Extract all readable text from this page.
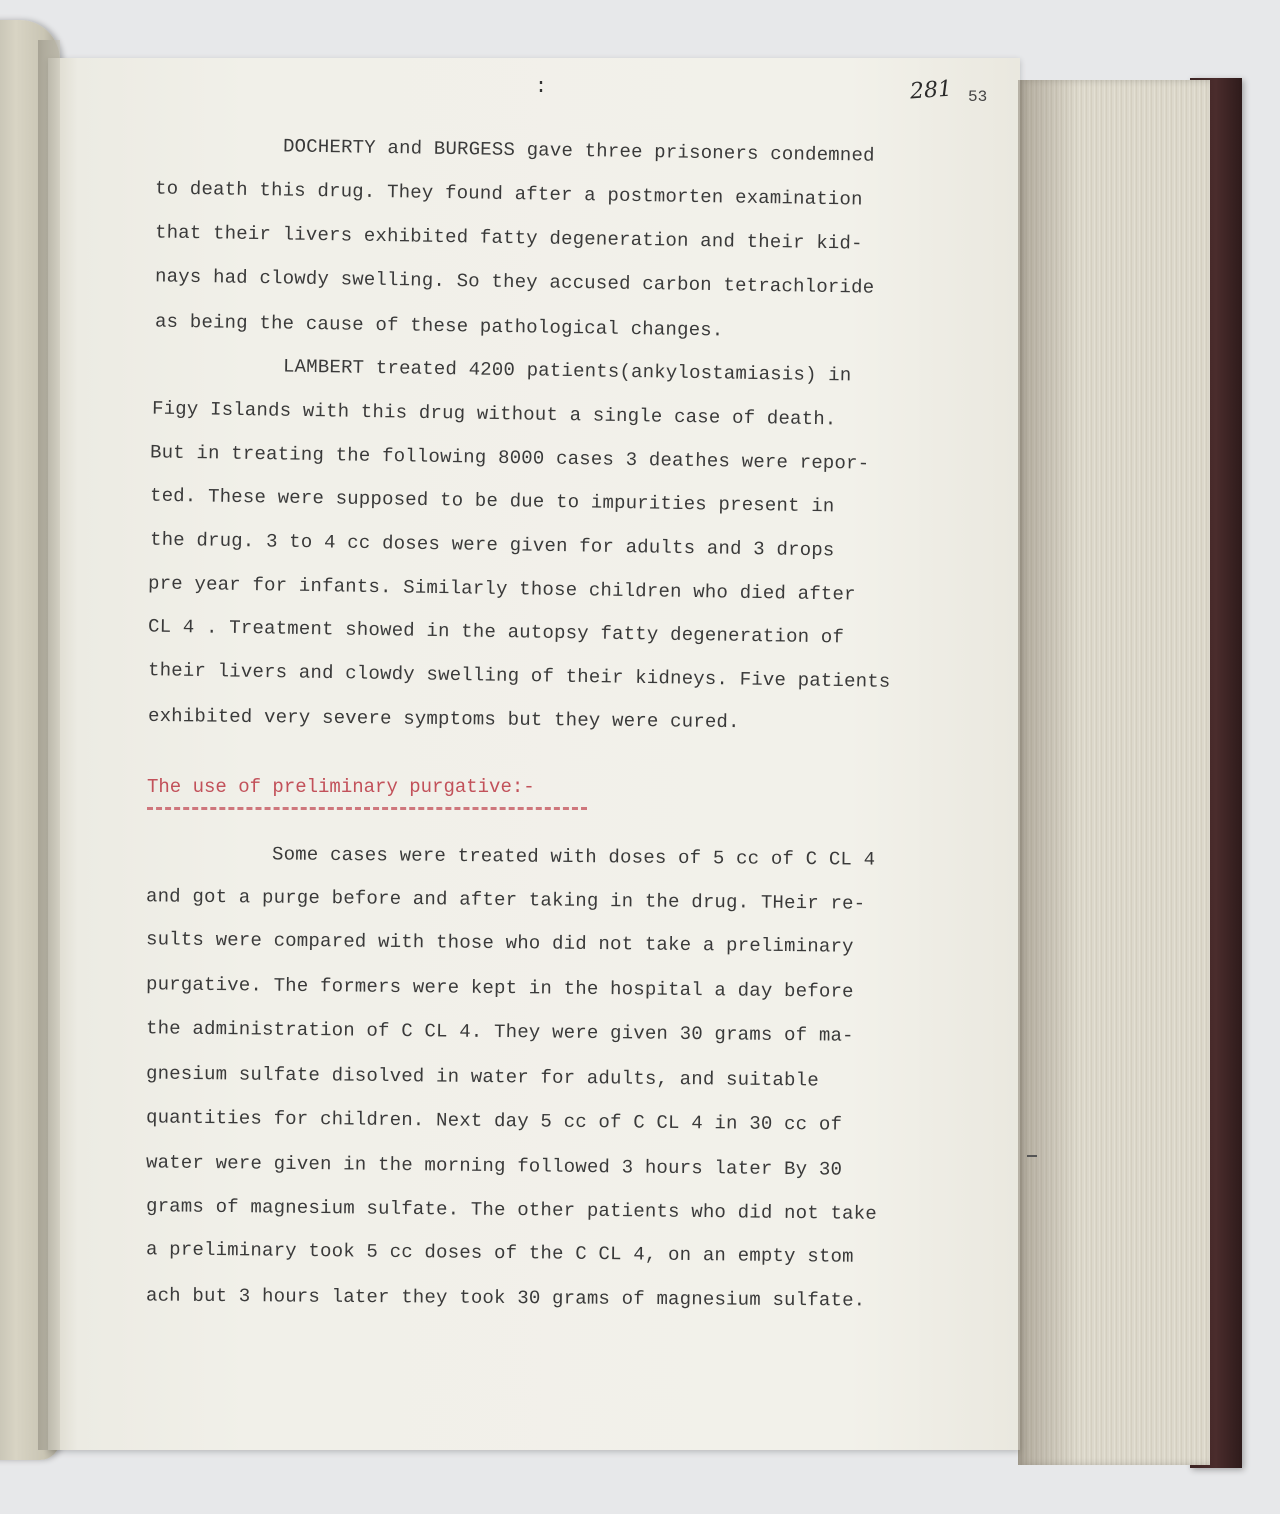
:	281 53
DOCHERTY and BURGESS gave three prisoners condemned
to death this drug. They found after a postmorten examination
that their livers exhibited fatty degeneration and their kid-
nays had clowdy swelling. So they accused carbon tetrachloride
as being the cause of these pathological changes.
LAMBERT treated 4200 patients(ankylostamiasis) in
Figy Islands with this drug without a single case of death.
But in treating the following 8000 cases 3 deathes were repor-
ted. These were supposed to be due to impurities present in
the drug. 3 to 4 cc doses were given for adults and 3 drops
pre year for infants. Similarly those children who died after
CL 4 . Treatment showed in the autopsy fatty degeneration of
their livers and clowdy swelling of their kidneys. Five patients
exhibited very severe symptoms but they were cured.
The use of preliminary purgative:-
Some cases were treated with doses of 5 cc of C CL 4
and got a purge before and after taking in the drug. THeir re-
sults were compared with those who did not take a preliminary
purgative. The formers were kept in the hospital a day before
the administration of C CL 4. They were given 30 grams of ma-
gnesium sulfate disolved in water for adults, and suitable
quantities for children. Next day 5 cc of C CL 4 in 30 cc of
water were given in the morning followed 3 hours later By 30
grams of magnesium sulfate. The other patients who did not take
a preliminary took 5 cc doses of the C CL 4, on an empty stom
ach but 3 hours later they took 30 grams of magnesium sulfate.
